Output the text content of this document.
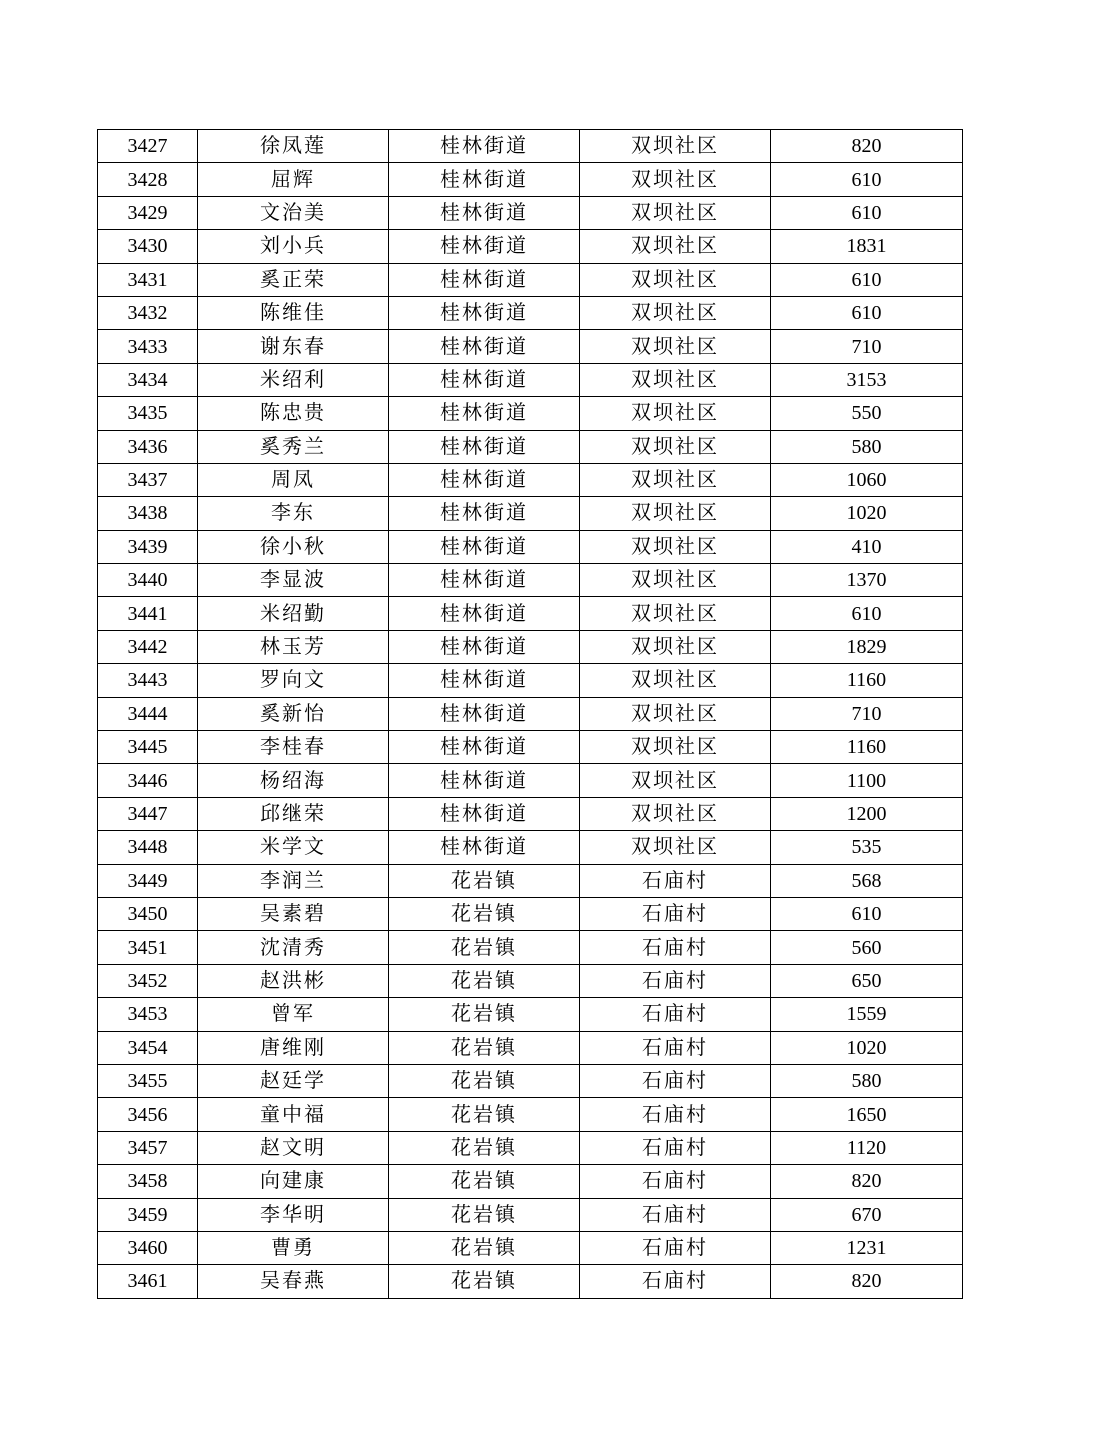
3427	徐凤莲	桂林街道	双坝社区	820
3428	屈辉	桂林街道	双坝社区	610
3429	文治美	桂林街道	双坝社区	610
3430	刘小兵	桂林街道	双坝社区	1831
3431	奚正荣	桂林街道	双坝社区	610
3432	陈维佳	桂林街道	双坝社区	610
3433	谢东春	桂林街道	双坝社区	710
3434	米绍利	桂林街道	双坝社区	3153
3435	陈忠贵	桂林街道	双坝社区	550
3436	奚秀兰	桂林街道	双坝社区	580
3437	周凤	桂林街道	双坝社区	1060
3438	李东	桂林街道	双坝社区	1020
3439	徐小秋	桂林街道	双坝社区	410
3440	李显波	桂林街道	双坝社区	1370
3441	米绍勤	桂林街道	双坝社区	610
3442	林玉芳	桂林街道	双坝社区	1829
3443	罗向文	桂林街道	双坝社区	1160
3444	奚新怡	桂林街道	双坝社区	710
3445	李桂春	桂林街道	双坝社区	1160
3446	杨绍海	桂林街道	双坝社区	1100
3447	邱继荣	桂林街道	双坝社区	1200
3448	米学文	桂林街道	双坝社区	535
3449	李润兰	花岩镇	石庙村	568
3450	吴素碧	花岩镇	石庙村	610
3451	沈清秀	花岩镇	石庙村	560
3452	赵洪彬	花岩镇	石庙村	650
3453	曾军	花岩镇	石庙村	1559
3454	唐维刚	花岩镇	石庙村	1020
3455	赵廷学	花岩镇	石庙村	580
3456	童中福	花岩镇	石庙村	1650
3457	赵文明	花岩镇	石庙村	1120
3458	向建康	花岩镇	石庙村	820
3459	李华明	花岩镇	石庙村	670
3460	曹勇	花岩镇	石庙村	1231
3461	吴春燕	花岩镇	石庙村	820
